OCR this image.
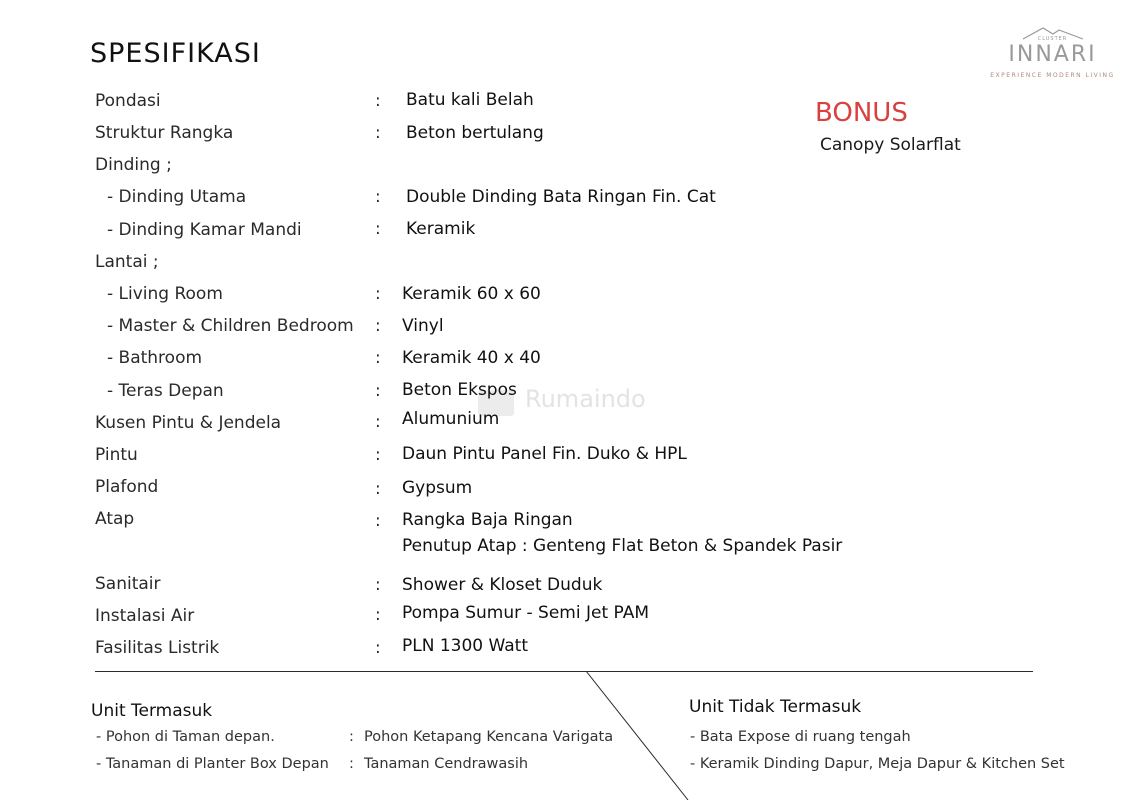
SPESIFIKASI	CLUSTER
INNARI
EXPERIENCE MODERN LIVING
BONUS
Canopy Solarflat
Rumaindo
Pondasi	: Batu kali Belah
Struktur Rangka	: Beton bertulang
Dinding ;
- Dinding Utama	: Double Dinding Bata Ringan Fin. Cat
- Dinding Kamar Mandi	: Keramik
Lantai ;
- Living Room	: Keramik 60 x 60
- Master & Children Bedroom : Vinyl
- Bathroom	: Keramik 40 x 40
- Teras Depan	: Beton Ekspos
Kusen Pintu & Jendela	: Alumunium
Pintu	: Daun Pintu Panel Fin. Duko & HPL
Plafond	: Gypsum
Atap	: Rangka Baja Ringan
Penutup Atap : Genteng Flat Beton & Spandek Pasir
Sanitair	: Shower & Kloset Duduk
Instalasi Air	: Pompa Sumur - Semi Jet PAM
Fasilitas Listrik	: PLN 1300 Watt
Unit Termasuk
- Pohon di Taman depan.	: Pohon Ketapang Kencana Varigata
- Tanaman di Planter Box Depan : Tanaman Cendrawasih
Unit Tidak Termasuk
- Bata Expose di ruang tengah
- Keramik Dinding Dapur, Meja Dapur & Kitchen Set
